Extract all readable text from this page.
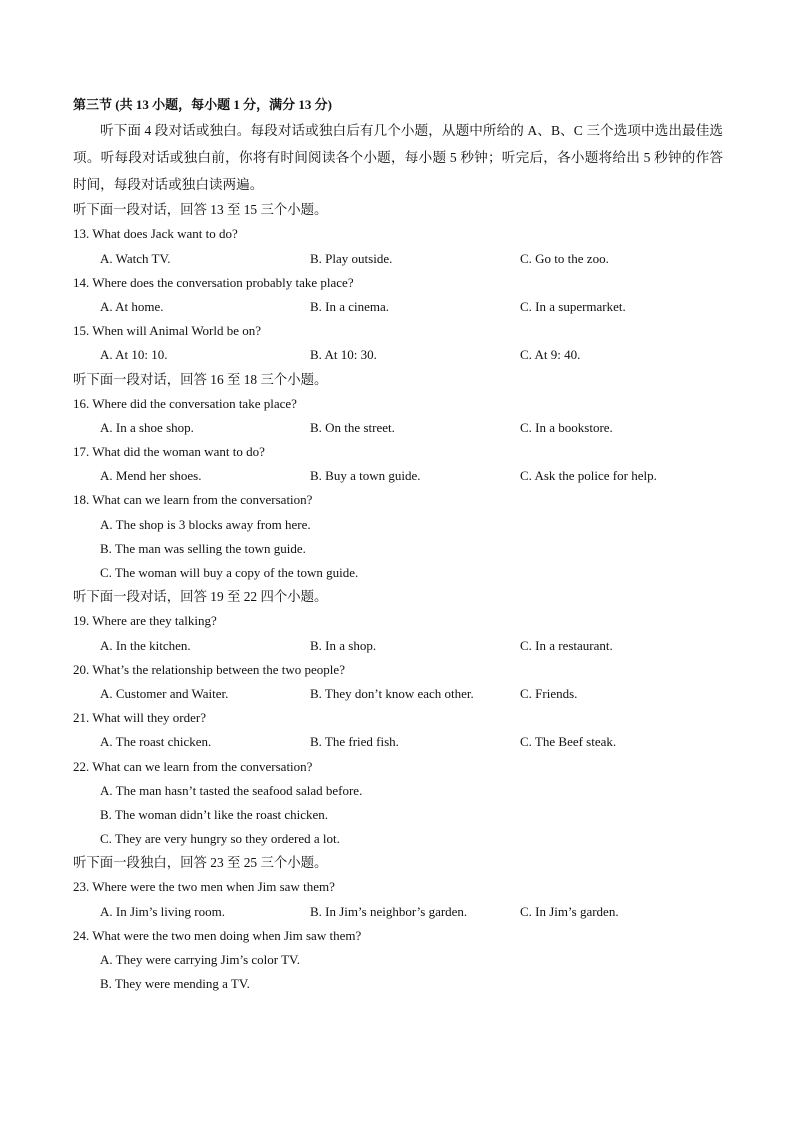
第三节 (共 13 小题，每小题 1 分，满分 13 分)
听下面 4 段对话或独白。每段对话或独白后有几个小题，从题中所给的 A、B、C 三个选项中选出最佳选项。听每段对话或独白前，你将有时间阅读各个小题，每小题 5 秒钟；听完后，各小题将给出 5 秒钟的作答时间，每段对话或独白读两遍。
听下面一段对话，回答 13 至 15 三个小题。
13. What does Jack want to do?
A. Watch TV.	B. Play outside.	C. Go to the zoo.
14. Where does the conversation probably take place?
A. At home.	B. In a cinema.	C. In a supermarket.
15. When will Animal World be on?
A. At 10: 10.	B. At 10: 30.	C. At 9: 40.
听下面一段对话，回答 16 至 18 三个小题。
16. Where did the conversation take place?
A. In a shoe shop.	B. On the street.	C. In a bookstore.
17. What did the woman want to do?
A. Mend her shoes.	B. Buy a town guide.	C. Ask the police for help.
18. What can we learn from the conversation?
A. The shop is 3 blocks away from here.
B. The man was selling the town guide.
C. The woman will buy a copy of the town guide.
听下面一段对话，回答 19 至 22 四个小题。
19. Where are they talking?
A. In the kitchen.	B. In a shop.	C. In a restaurant.
20. What’s the relationship between the two people?
A. Customer and Waiter.	B. They don’t know each other.	C. Friends.
21. What will they order?
A. The roast chicken.	B. The fried fish.	C. The Beef steak.
22. What can we learn from the conversation?
A. The man hasn’t tasted the seafood salad before.
B. The woman didn’t like the roast chicken.
C. They are very hungry so they ordered a lot.
听下面一段独白，回答 23 至 25 三个小题。
23. Where were the two men when Jim saw them?
A. In Jim’s living room.	B. In Jim’s neighbor’s garden.	C. In Jim’s garden.
24. What were the two men doing when Jim saw them?
A. They were carrying Jim’s color TV.
B. They were mending a TV.
